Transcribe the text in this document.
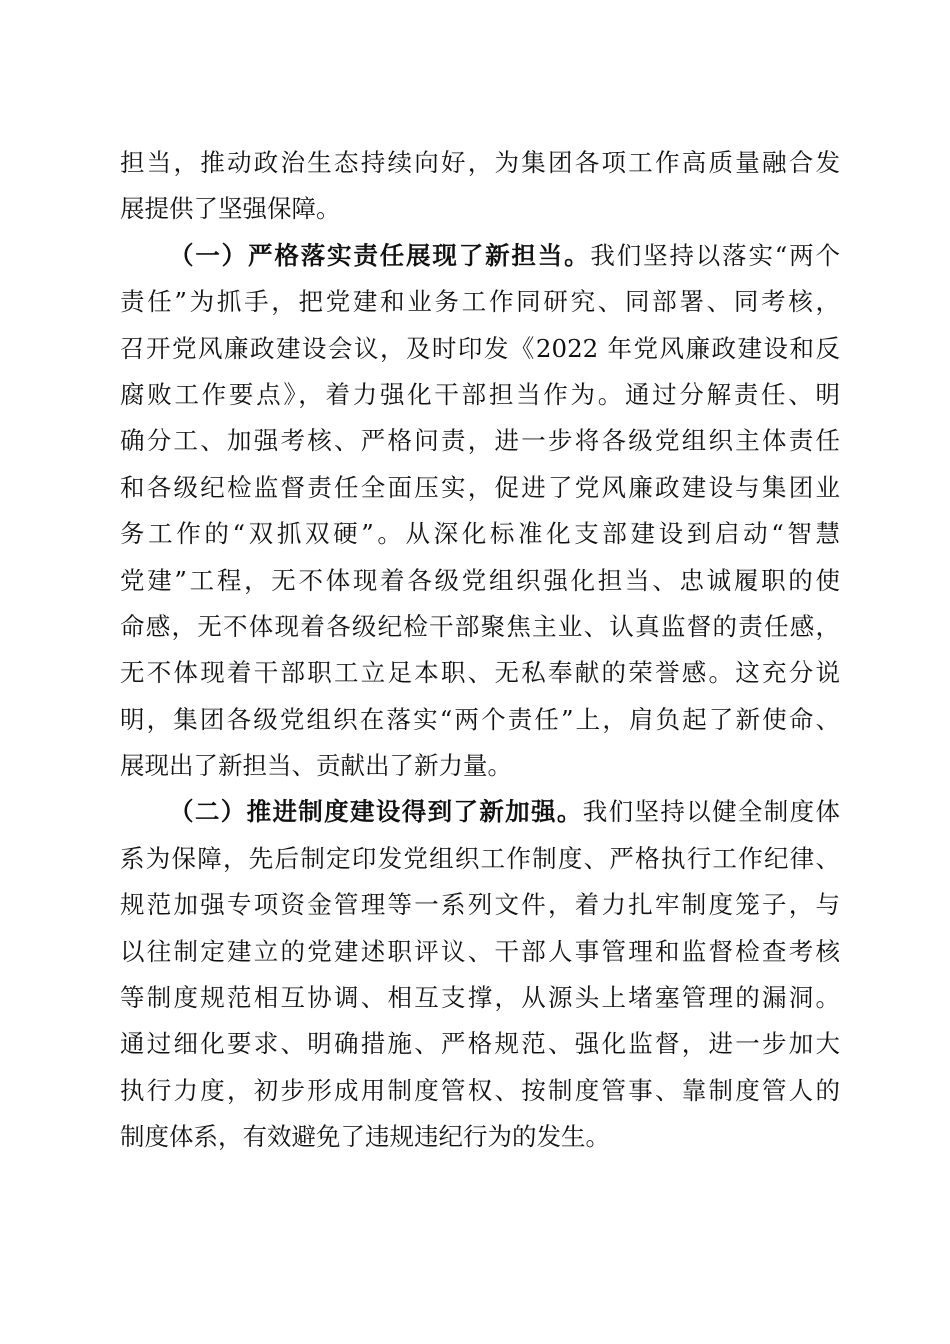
担当，推动政治生态持续向好，为集团各项工作高质量融合发
展提供了坚强保障。
（一）严格落实责任展现了新担当。我们坚持以落实“两个
责任”为抓手，把党建和业务工作同研究、同部署、同考核，
召开党风廉政建设会议，及时印发《2022 年党风廉政建设和反
腐败工作要点》，着力强化干部担当作为。通过分解责任、明
确分工、加强考核、严格问责，进一步将各级党组织主体责任
和各级纪检监督责任全面压实，促进了党风廉政建设与集团业
务工作的“双抓双硬”。从深化标准化支部建设到启动“智慧
党建”工程，无不体现着各级党组织强化担当、忠诚履职的使
命感，无不体现着各级纪检干部聚焦主业、认真监督的责任感，
无不体现着干部职工立足本职、无私奉献的荣誉感。这充分说
明，集团各级党组织在落实“两个责任”上，肩负起了新使命、
展现出了新担当、贡献出了新力量。
（二）推进制度建设得到了新加强。我们坚持以健全制度体
系为保障，先后制定印发党组织工作制度、严格执行工作纪律、
规范加强专项资金管理等一系列文件，着力扎牢制度笼子，与
以往制定建立的党建述职评议、干部人事管理和监督检查考核
等制度规范相互协调、相互支撑，从源头上堵塞管理的漏洞。
通过细化要求、明确措施、严格规范、强化监督，进一步加大
执行力度，初步形成用制度管权、按制度管事、靠制度管人的
制度体系，有效避免了违规违纪行为的发生。
